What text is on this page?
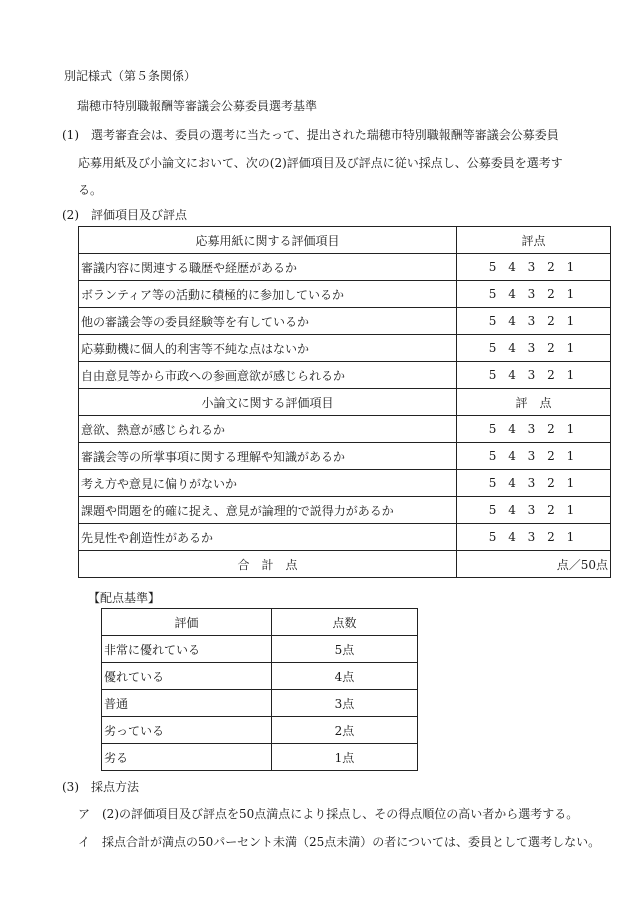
別記様式（第５条関係）
瑞穂市特別職報酬等審議会公募委員選考基準
(1)　選考審査会は、委員の選考に当たって、提出された瑞穂市特別職報酬等審議会公募委員
応募用紙及び小論文において、次の(2)評価項目及び評点に従い採点し、公募委員を選考す
る。
(2)　評価項目及び評点
応募用紙に関する評価項目	評点
審議内容に関連する職歴や経歴があるか	5 4 3 2 1
ボランティア等の活動に積極的に参加しているか	5 4 3 2 1
他の審議会等の委員経験等を有しているか	5 4 3 2 1
応募動機に個人的利害等不純な点はないか	5 4 3 2 1
自由意見等から市政への参画意欲が感じられるか	5 4 3 2 1
小論文に関する評価項目	評　点
意欲、熱意が感じられるか	5 4 3 2 1
審議会等の所掌事項に関する理解や知識があるか	5 4 3 2 1
考え方や意見に偏りがないか	5 4 3 2 1
課題や問題を的確に捉え、意見が論理的で説得力があるか	5 4 3 2 1
先見性や創造性があるか	5 4 3 2 1
合　計　点	点／50点
【配点基準】
評価	点数
非常に優れている	5点
優れている	4点
普通	3点
劣っている	2点
劣る	1点
(3)　採点方法
ア　(2)の評価項目及び評点を50点満点により採点し、その得点順位の高い者から選考する。
イ　採点合計が満点の50パーセント未満（25点未満）の者については、委員として選考しない。
